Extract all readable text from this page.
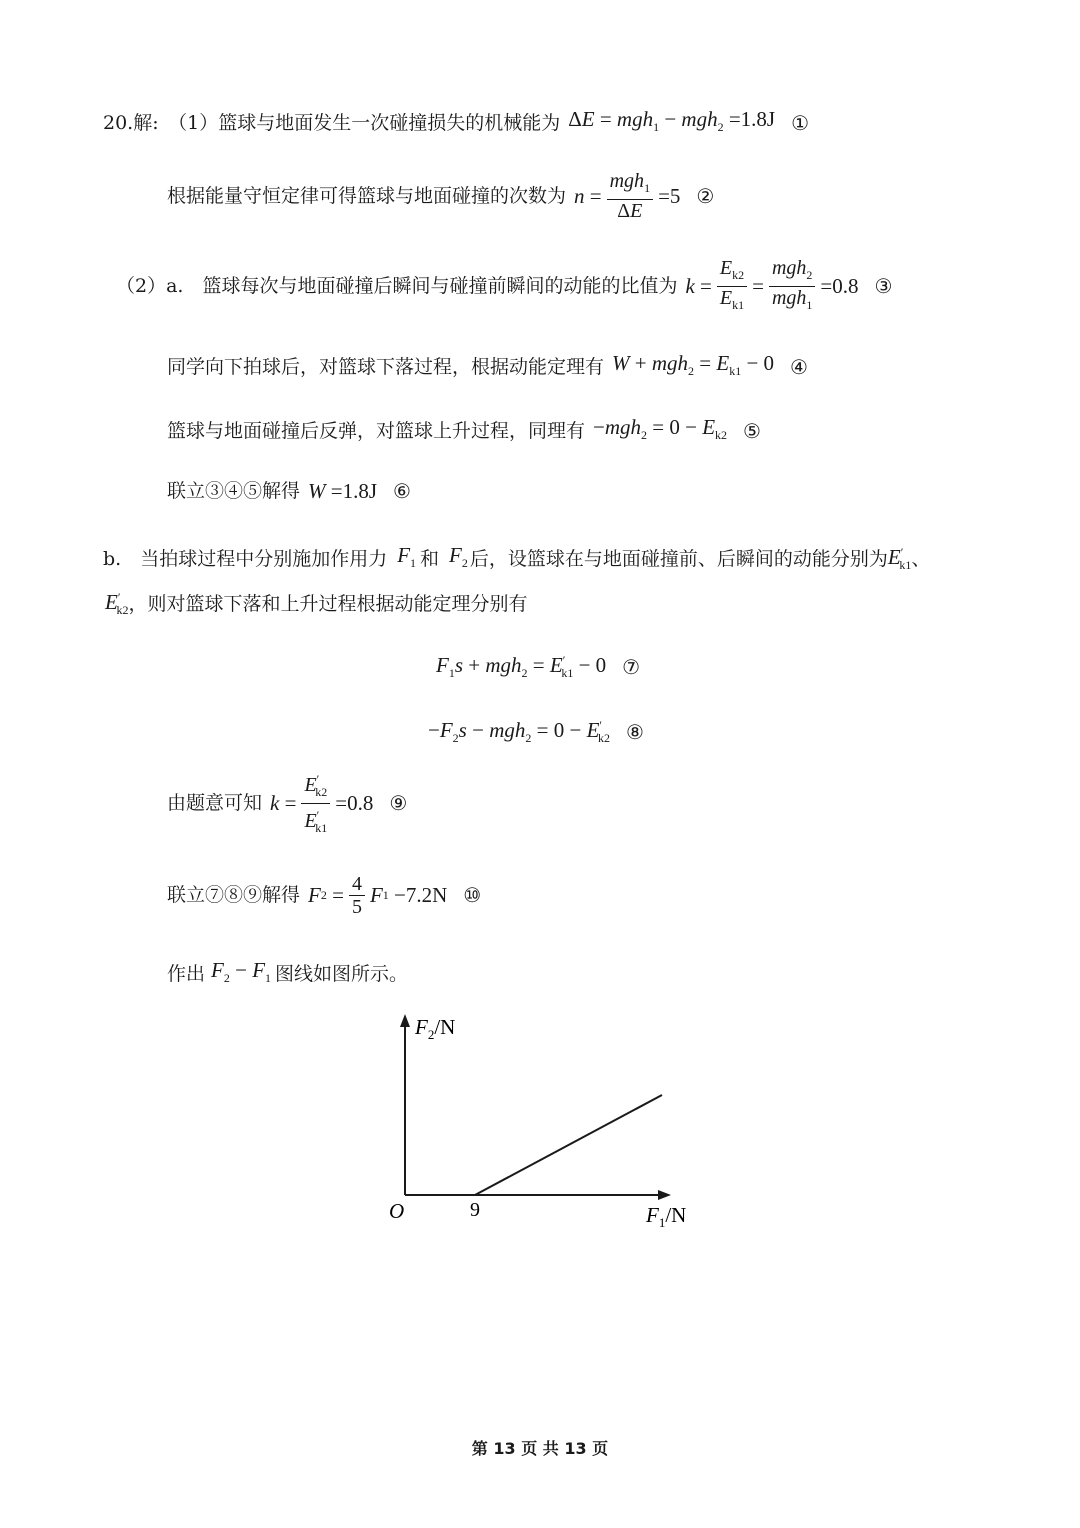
20.解:　（1）篮球与地面发生一次碰撞损失的机械能为 ΔE = mgh$_1$ − mgh$_2$ =1.8J ①
根据能量守恒定律可得篮球与地面碰撞的次数为 $n = \frac{mgh_1}{\Delta E} =5$ ②
（2）a.　篮球每次与地面碰撞后瞬间与碰撞前瞬间的动能的比值为 $k = \frac{E_{k2}}{E_{k1}} = \frac{mgh_2}{mgh_1} =0.8$ ③
同学向下拍球后，对篮球下落过程，根据动能定理有 $W + mgh_2 = E_{k1} - 0$ ④
篮球与地面碰撞后反弹，对篮球上升过程，同理有 $-mgh_2 = 0 - E_{k2}$ ⑤
联立③④⑤解得 W =1.8J ⑥
b.　当拍球过程中分别施加作用力 $F_1$ 和 $F_2$ 后，设篮球在与地面碰撞前、后瞬间的动能分别为 $E'_{k1}$ 、
$E'_{k2}$ ，则对篮球下落和上升过程根据动能定理分别有
$F_1s + mgh_2 = E'_{k1} - 0$ ⑦
$-F_2s - mgh_2 = 0 - E'_{k2}$ ⑧
由题意可知 $k = \frac{E'_{k2}}{E'_{k1}} =0.8$ ⑨
联立⑦⑧⑨解得 F $2 = \frac{4}{5}$ F 1
−7.2N ⑩
作出 $F_2 - F_1$ 图线如图所示。
$F_2/N$
$F_1/N$
O	9
第 13 页 共 13 页
